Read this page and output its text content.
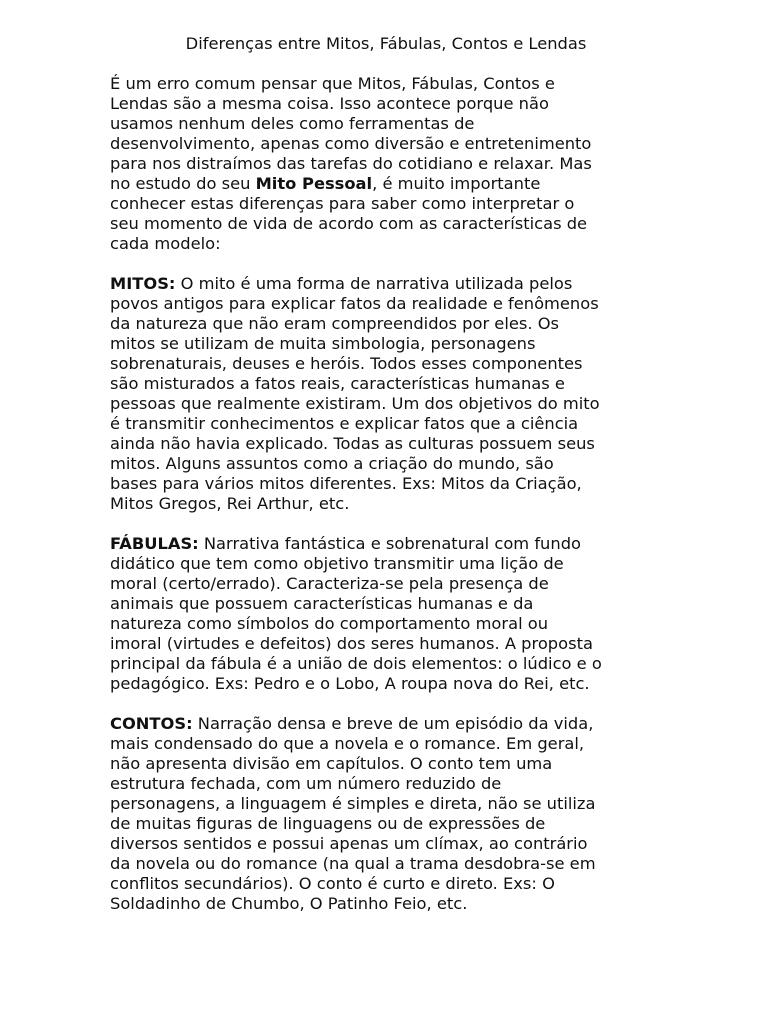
Diferenças entre Mitos, Fábulas, Contos e Lendas
É um erro comum pensar que Mitos, Fábulas, Contos e
Lendas são a mesma coisa. Isso acontece porque não
usamos nenhum deles como ferramentas de
desenvolvimento, apenas como diversão e entretenimento
para nos distraímos das tarefas do cotidiano e relaxar. Mas
no estudo do seu Mito Pessoal, é muito importante
conhecer estas diferenças para saber como interpretar o
seu momento de vida de acordo com as características de
cada modelo:
MITOS: O mito é uma forma de narrativa utilizada pelos
povos antigos para explicar fatos da realidade e fenômenos
da natureza que não eram compreendidos por eles. Os
mitos se utilizam de muita simbologia, personagens
sobrenaturais, deuses e heróis. Todos esses componentes
são misturados a fatos reais, características humanas e
pessoas que realmente existiram. Um dos objetivos do mito
é transmitir conhecimentos e explicar fatos que a ciência
ainda não havia explicado. Todas as culturas possuem seus
mitos. Alguns assuntos como a criação do mundo, são
bases para vários mitos diferentes. Exs: Mitos da Criação,
Mitos Gregos, Rei Arthur, etc.
FÁBULAS: Narrativa fantástica e sobrenatural com fundo
didático que tem como objetivo transmitir uma lição de
moral (certo/errado). Caracteriza-se pela presença de
animais que possuem características humanas e da
natureza como símbolos do comportamento moral ou
imoral (virtudes e defeitos) dos seres humanos. A proposta
principal da fábula é a união de dois elementos: o lúdico e o
pedagógico. Exs: Pedro e o Lobo, A roupa nova do Rei, etc.
CONTOS: Narração densa e breve de um episódio da vida,
mais condensado do que a novela e o romance. Em geral,
não apresenta divisão em capítulos. O conto tem uma
estrutura fechada, com um número reduzido de
personagens, a linguagem é simples e direta, não se utiliza
de muitas figuras de linguagens ou de expressões de
diversos sentidos e possui apenas um clímax, ao contrário
da novela ou do romance (na qual a trama desdobra-se em
conflitos secundários). O conto é curto e direto. Exs: O
Soldadinho de Chumbo, O Patinho Feio, etc.
